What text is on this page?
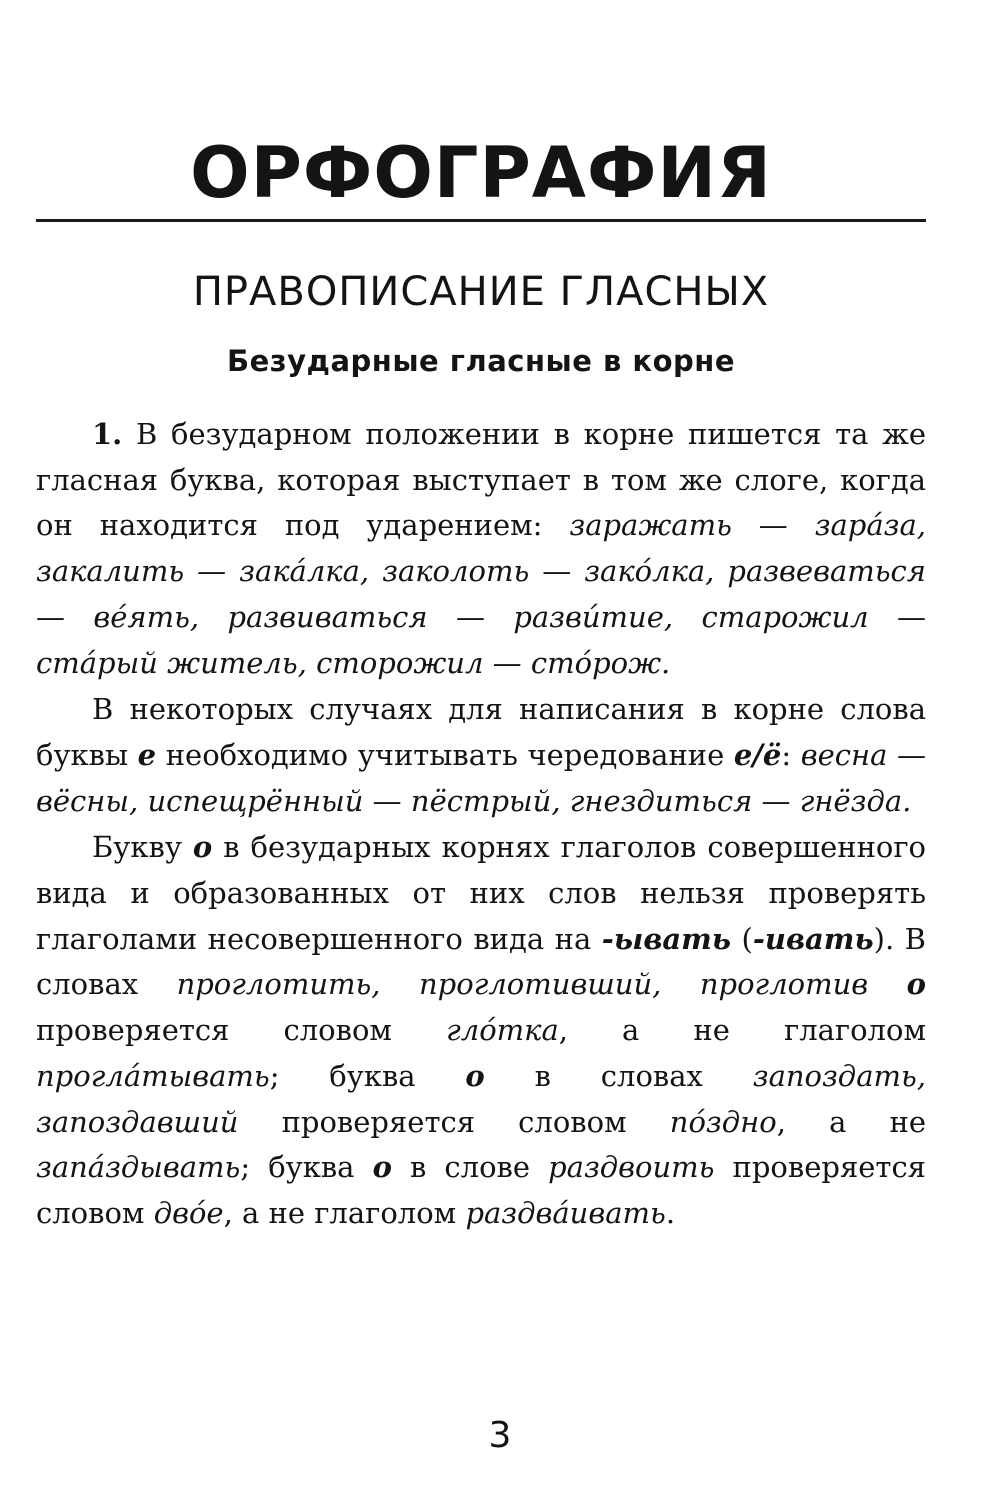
ОРФОГРАФИЯ
ПРАВОПИСАНИЕ ГЛАСНЫХ
Безударные гласные в корне

1. В безударном положении в корне пишется та же гласная буква, которая выступает в том же слоге, когда он находится под ударением: заражать — зара́за, закалить — зака́лка, заколоть — зако́лка, развеваться — ве́ять, развиваться — разви́тие, старожил — ста́рый житель, сторожил — сто́рож.

В некоторых случаях для написания в корне слова буквы е необходимо учитывать чередование е/ё: весна — вёсны, испещрённый — пёстрый, гнездиться — гнёзда.

Букву о в безударных корнях глаголов совершенного вида и образованных от них слов нельзя проверять глаголами несовершенного вида на -ывать (-ивать). В словах проглотить, проглотивший, проглотив о проверяется словом гло́тка, а не глаголом прогла́тывать; буква о в словах запоздать, запоздавший проверяется словом по́здно, а не запа́здывать; буква о в слове раздвоить проверяется словом дво́е, а не глаголом раздва́ивать.

3
